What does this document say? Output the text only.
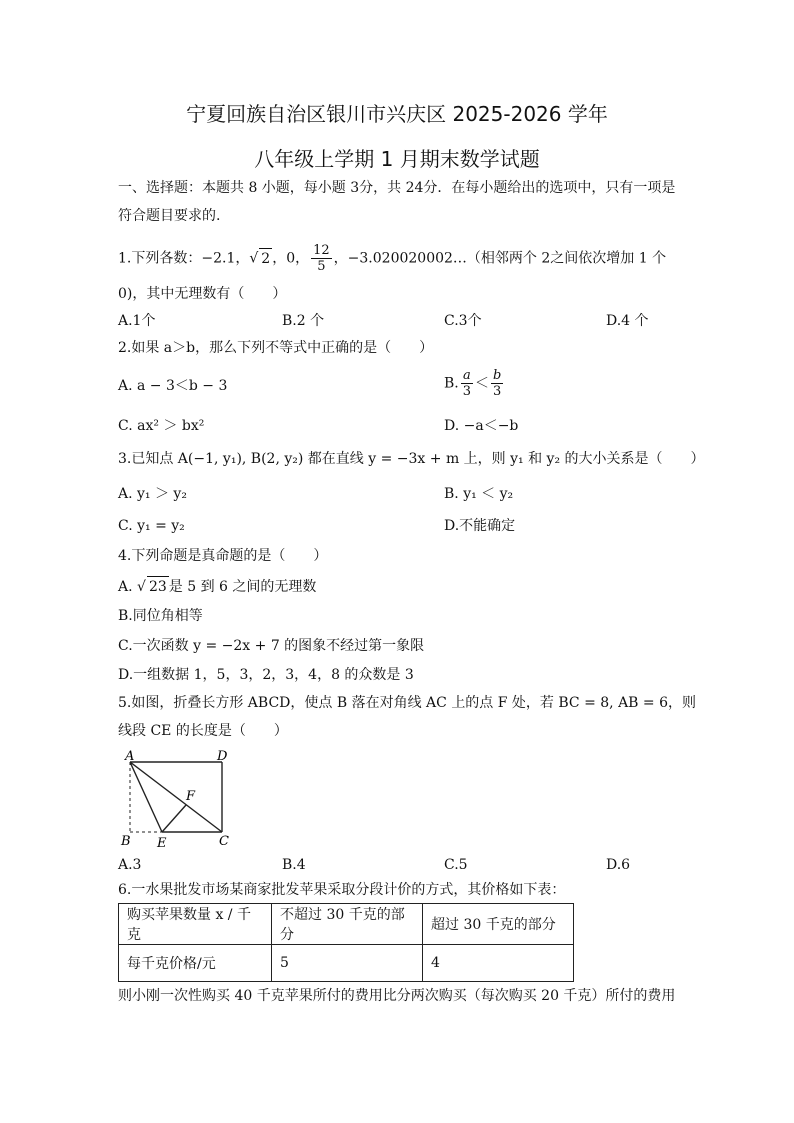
宁夏回族自治区银川市兴庆区 2025-2026 学年
八年级上学期 1 月期末数学试题
一、选择题：本题共 8 小题，每小题 3分，共 24分．在每小题给出的选项中，只有一项是
符合题目要求的.
1.下列各数：−2.1，√ 2 ，0， $\frac{12}{5}$ ，−3.020020002…（相邻两个 2之间依次增加 1 个
0)，其中无理数有（　　）
A.1个	B.2 个	C.3个	D.4 个
2.如果 a＞b，那么下列不等式中正确的是（　　）
A. a − 3＜b − 3	B. $\frac{a}{3} < \frac{b}{3}$
C. ax² ＞ bx²	D. −a＜−b
3.已知点 A(−1, y₁), B(2, y₂) 都在直线 y = −3x + m 上，则 y₁ 和 y₂ 的大小关系是（　　）
A. y₁ ＞ y₂	B. y₁ ＜ y₂
C. y₁ = y₂	D.不能确定
4.下列命题是真命题的是（　　）
A. √ 23 是 5 到 6 之间的无理数
B.同位角相等
C.一次函数 y = −2x + 7 的图象不经过第一象限
D.一组数据 1，5，3，2，3，4，8 的众数是 3
5.如图，折叠长方形 ABCD，使点 B 落在对角线 AC 上的点 F 处，若 BC = 8, AB = 6，则
线段 CE 的长度是（　　）
A	D
F
B E	C
A.3	B.4	C.5	D.6
6.一水果批发市场某商家批发苹果采取分段计价的方式，其价格如下表：
购买苹果数量 x / 千克	不超过 30 千克的部分	超过 30 千克的部分
每千克价格/元	5	4
则小刚一次性购买 40 千克苹果所付的费用比分两次购买（每次购买 20 千克）所付的费用
